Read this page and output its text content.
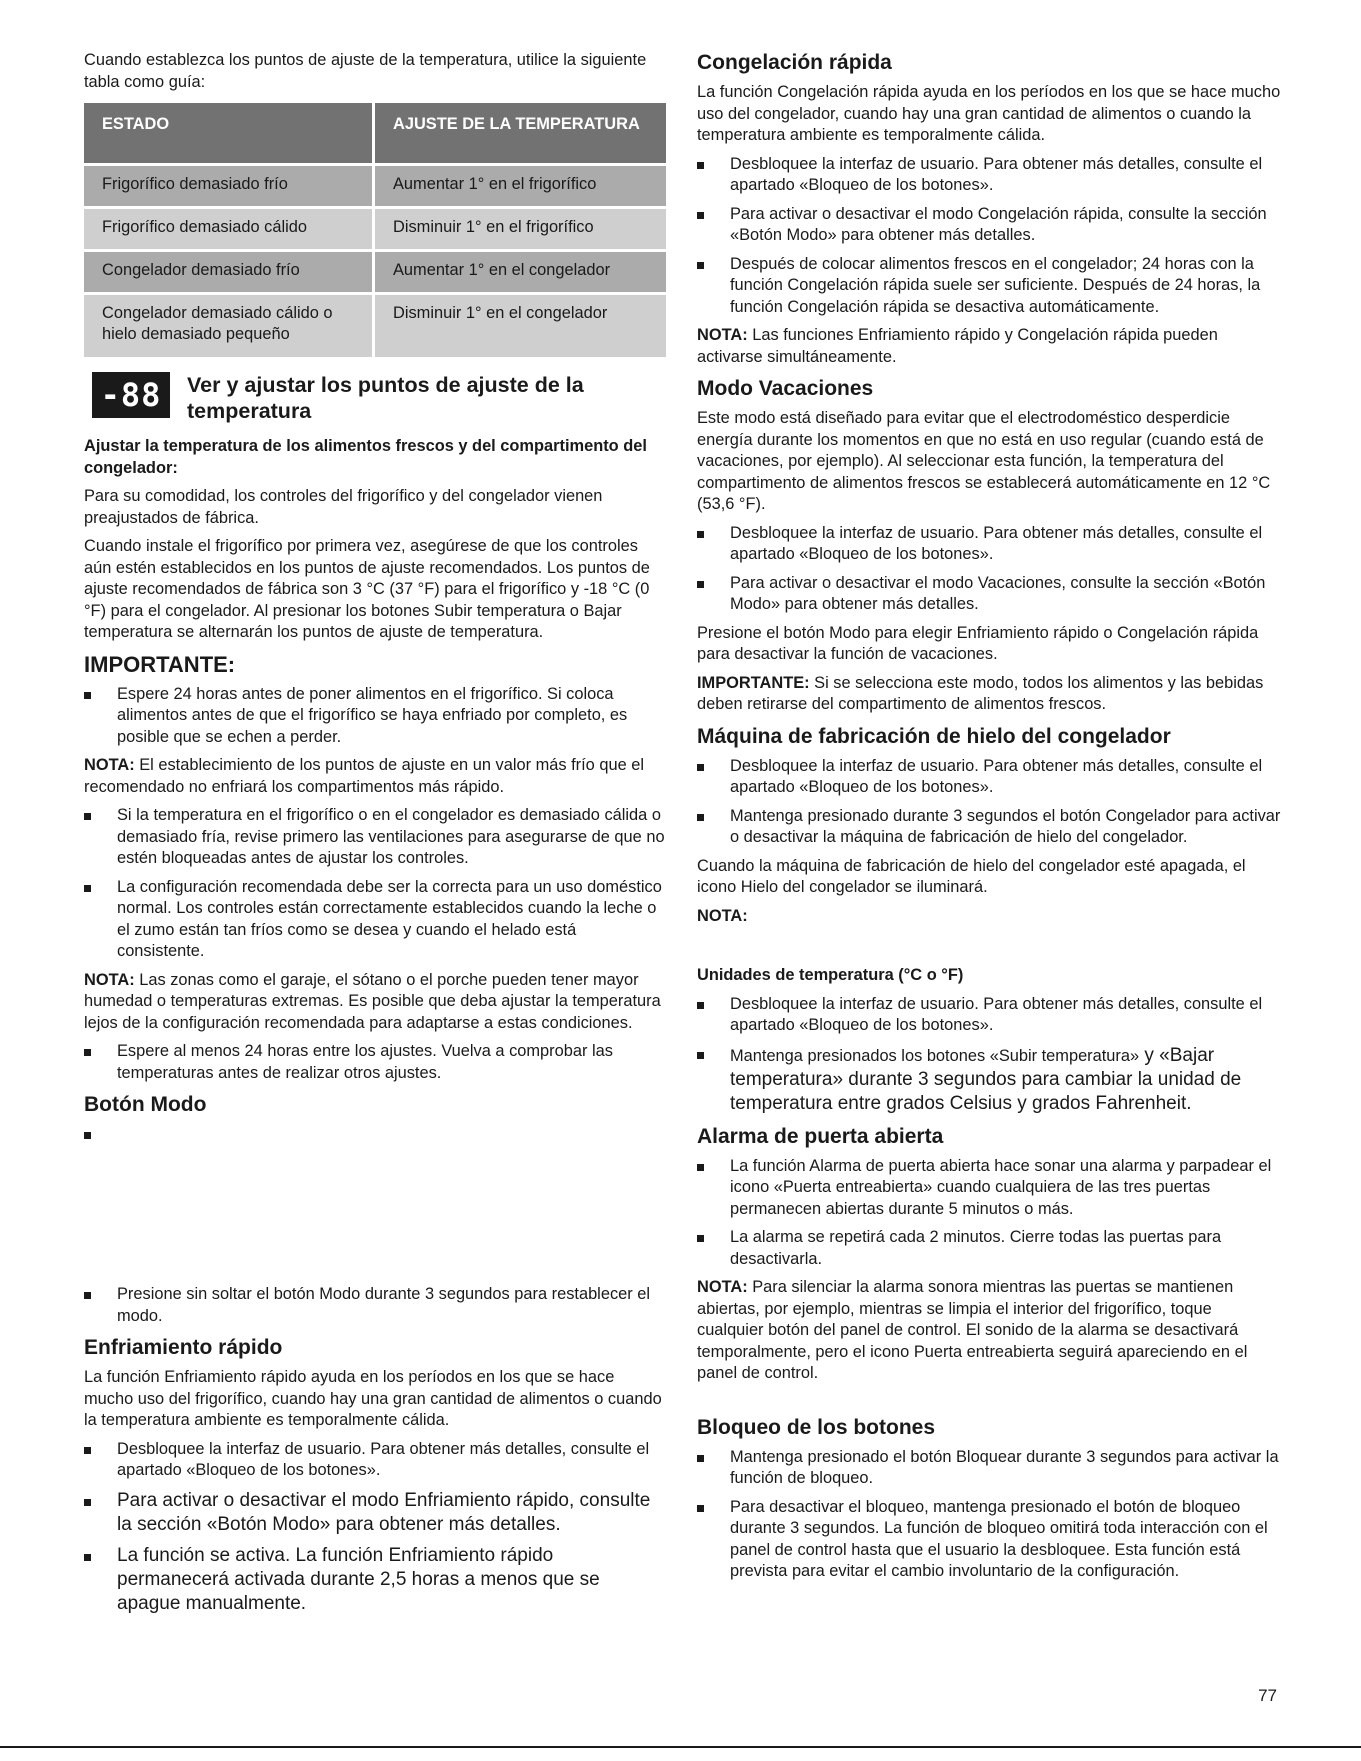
Cuando establezca los puntos de ajuste de la temperatura, utilice la siguiente tabla como guía:

ESTADO	AJUSTE DE LA TEMPERATURA
Frigorífico demasiado frío	Aumentar 1° en el frigorífico
Frigorífico demasiado cálido	Disminuir 1° en el frigorífico
Congelador demasiado frío	Aumentar 1° en el congelador
Congelador demasiado cálido o hielo demasiado pequeño	Disminuir 1° en el congelador
-88	Ver y ajustar los puntos de ajuste de la temperatura

Ajustar la temperatura de los alimentos frescos y del compartimento del congelador:

Para su comodidad, los controles del frigorífico y del congelador vienen preajustados de fábrica.

Cuando instale el frigorífico por primera vez, asegúrese de que los controles aún estén establecidos en los puntos de ajuste recomendados. Los puntos de ajuste recomendados de fábrica son 3 °C (37 °F) para el frigorífico y -18 °C (0 °F) para el congelador. Al presionar los botones Subir temperatura o Bajar temperatura se alternarán los puntos de ajuste de temperatura.

IMPORTANTE:
Espere 24 horas antes de poner alimentos en el frigorífico. Si coloca alimentos antes de que el frigorífico se haya enfriado por completo, es posible que se echen a perder.

NOTA: El establecimiento de los puntos de ajuste en un valor más frío que el recomendado no enfriará los compartimentos más rápido.

Si la temperatura en el frigorífico o en el congelador es demasiado cálida o demasiado fría, revise primero las ventilaciones para asegurarse de que no estén bloqueadas antes de ajustar los controles.
La configuración recomendada debe ser la correcta para un uso doméstico normal. Los controles están correctamente establecidos cuando la leche o el zumo están tan fríos como se desea y cuando el helado está consistente.

NOTA: Las zonas como el garaje, el sótano o el porche pueden tener mayor humedad o temperaturas extremas. Es posible que deba ajustar la temperatura lejos de la configuración recomendada para adaptarse a estas condiciones.

Espere al menos 24 horas entre los ajustes. Vuelva a comprobar las temperaturas antes de realizar otros ajustes.
Botón Modo
Presione sin soltar el botón Modo durante 3 segundos para restablecer el modo.
Enfriamiento rápido

La función Enfriamiento rápido ayuda en los períodos en los que se hace mucho uso del frigorífico, cuando hay una gran cantidad de alimentos o cuando la temperatura ambiente es temporalmente cálida.

Desbloquee la interfaz de usuario. Para obtener más detalles, consulte el apartado «Bloqueo de los botones».
Para activar o desactivar el modo Enfriamiento rápido, consulte la sección «Botón Modo» para obtener más detalles.
La función se activa. La función Enfriamiento rápido permanecerá activada durante 2,5 horas a menos que se apague manualmente.
Congelación rápida

La función Congelación rápida ayuda en los períodos en los que se hace mucho uso del congelador, cuando hay una gran cantidad de alimentos o cuando la temperatura ambiente es temporalmente cálida.

Desbloquee la interfaz de usuario. Para obtener más detalles, consulte el apartado «Bloqueo de los botones».
Para activar o desactivar el modo Congelación rápida, consulte la sección «Botón Modo» para obtener más detalles.
Después de colocar alimentos frescos en el congelador; 24 horas con la función Congelación rápida suele ser suficiente. Después de 24 horas, la función Congelación rápida se desactiva automáticamente.

NOTA: Las funciones Enfriamiento rápido y Congelación rápida pueden activarse simultáneamente.

Modo Vacaciones

Este modo está diseñado para evitar que el electrodoméstico desperdicie energía durante los momentos en que no está en uso regular (cuando está de vacaciones, por ejemplo). Al seleccionar esta función, la temperatura del compartimento de alimentos frescos se establecerá automáticamente en 12 °C (53,6 °F).

Desbloquee la interfaz de usuario. Para obtener más detalles, consulte el apartado «Bloqueo de los botones».
Para activar o desactivar el modo Vacaciones, consulte la sección «Botón Modo» para obtener más detalles.

Presione el botón Modo para elegir Enfriamiento rápido o Congelación rápida para desactivar la función de vacaciones.

IMPORTANTE: Si se selecciona este modo, todos los alimentos y las bebidas deben retirarse del compartimento de alimentos frescos.

Máquina de fabricación de hielo del congelador
Desbloquee la interfaz de usuario. Para obtener más detalles, consulte el apartado «Bloqueo de los botones».
Mantenga presionado durante 3 segundos el botón Congelador para activar o desactivar la máquina de fabricación de hielo del congelador.

Cuando la máquina de fabricación de hielo del congelador esté apagada, el icono Hielo del congelador se iluminará.

NOTA:

Unidades de temperatura (°C o °F)

Desbloquee la interfaz de usuario. Para obtener más detalles, consulte el apartado «Bloqueo de los botones».
Mantenga presionados los botones «Subir temperatura» y «Bajar temperatura» durante 3 segundos para cambiar la unidad de temperatura entre grados Celsius y grados Fahrenheit.
Alarma de puerta abierta
La función Alarma de puerta abierta hace sonar una alarma y parpadear el icono «Puerta entreabierta» cuando cualquiera de las tres puertas permanecen abiertas durante 5 minutos o más.
La alarma se repetirá cada 2 minutos. Cierre todas las puertas para desactivarla.

NOTA: Para silenciar la alarma sonora mientras las puertas se mantienen abiertas, por ejemplo, mientras se limpia el interior del frigorífico, toque cualquier botón del panel de control. El sonido de la alarma se desactivará temporalmente, pero el icono Puerta entreabierta seguirá apareciendo en el panel de control.

Bloqueo de los botones
Mantenga presionado el botón Bloquear durante 3 segundos para activar la función de bloqueo.
Para desactivar el bloqueo, mantenga presionado el botón de bloqueo durante 3 segundos. La función de bloqueo omitirá toda interacción con el panel de control hasta que el usuario la desbloquee. Esta función está prevista para evitar el cambio involuntario de la configuración.
77
